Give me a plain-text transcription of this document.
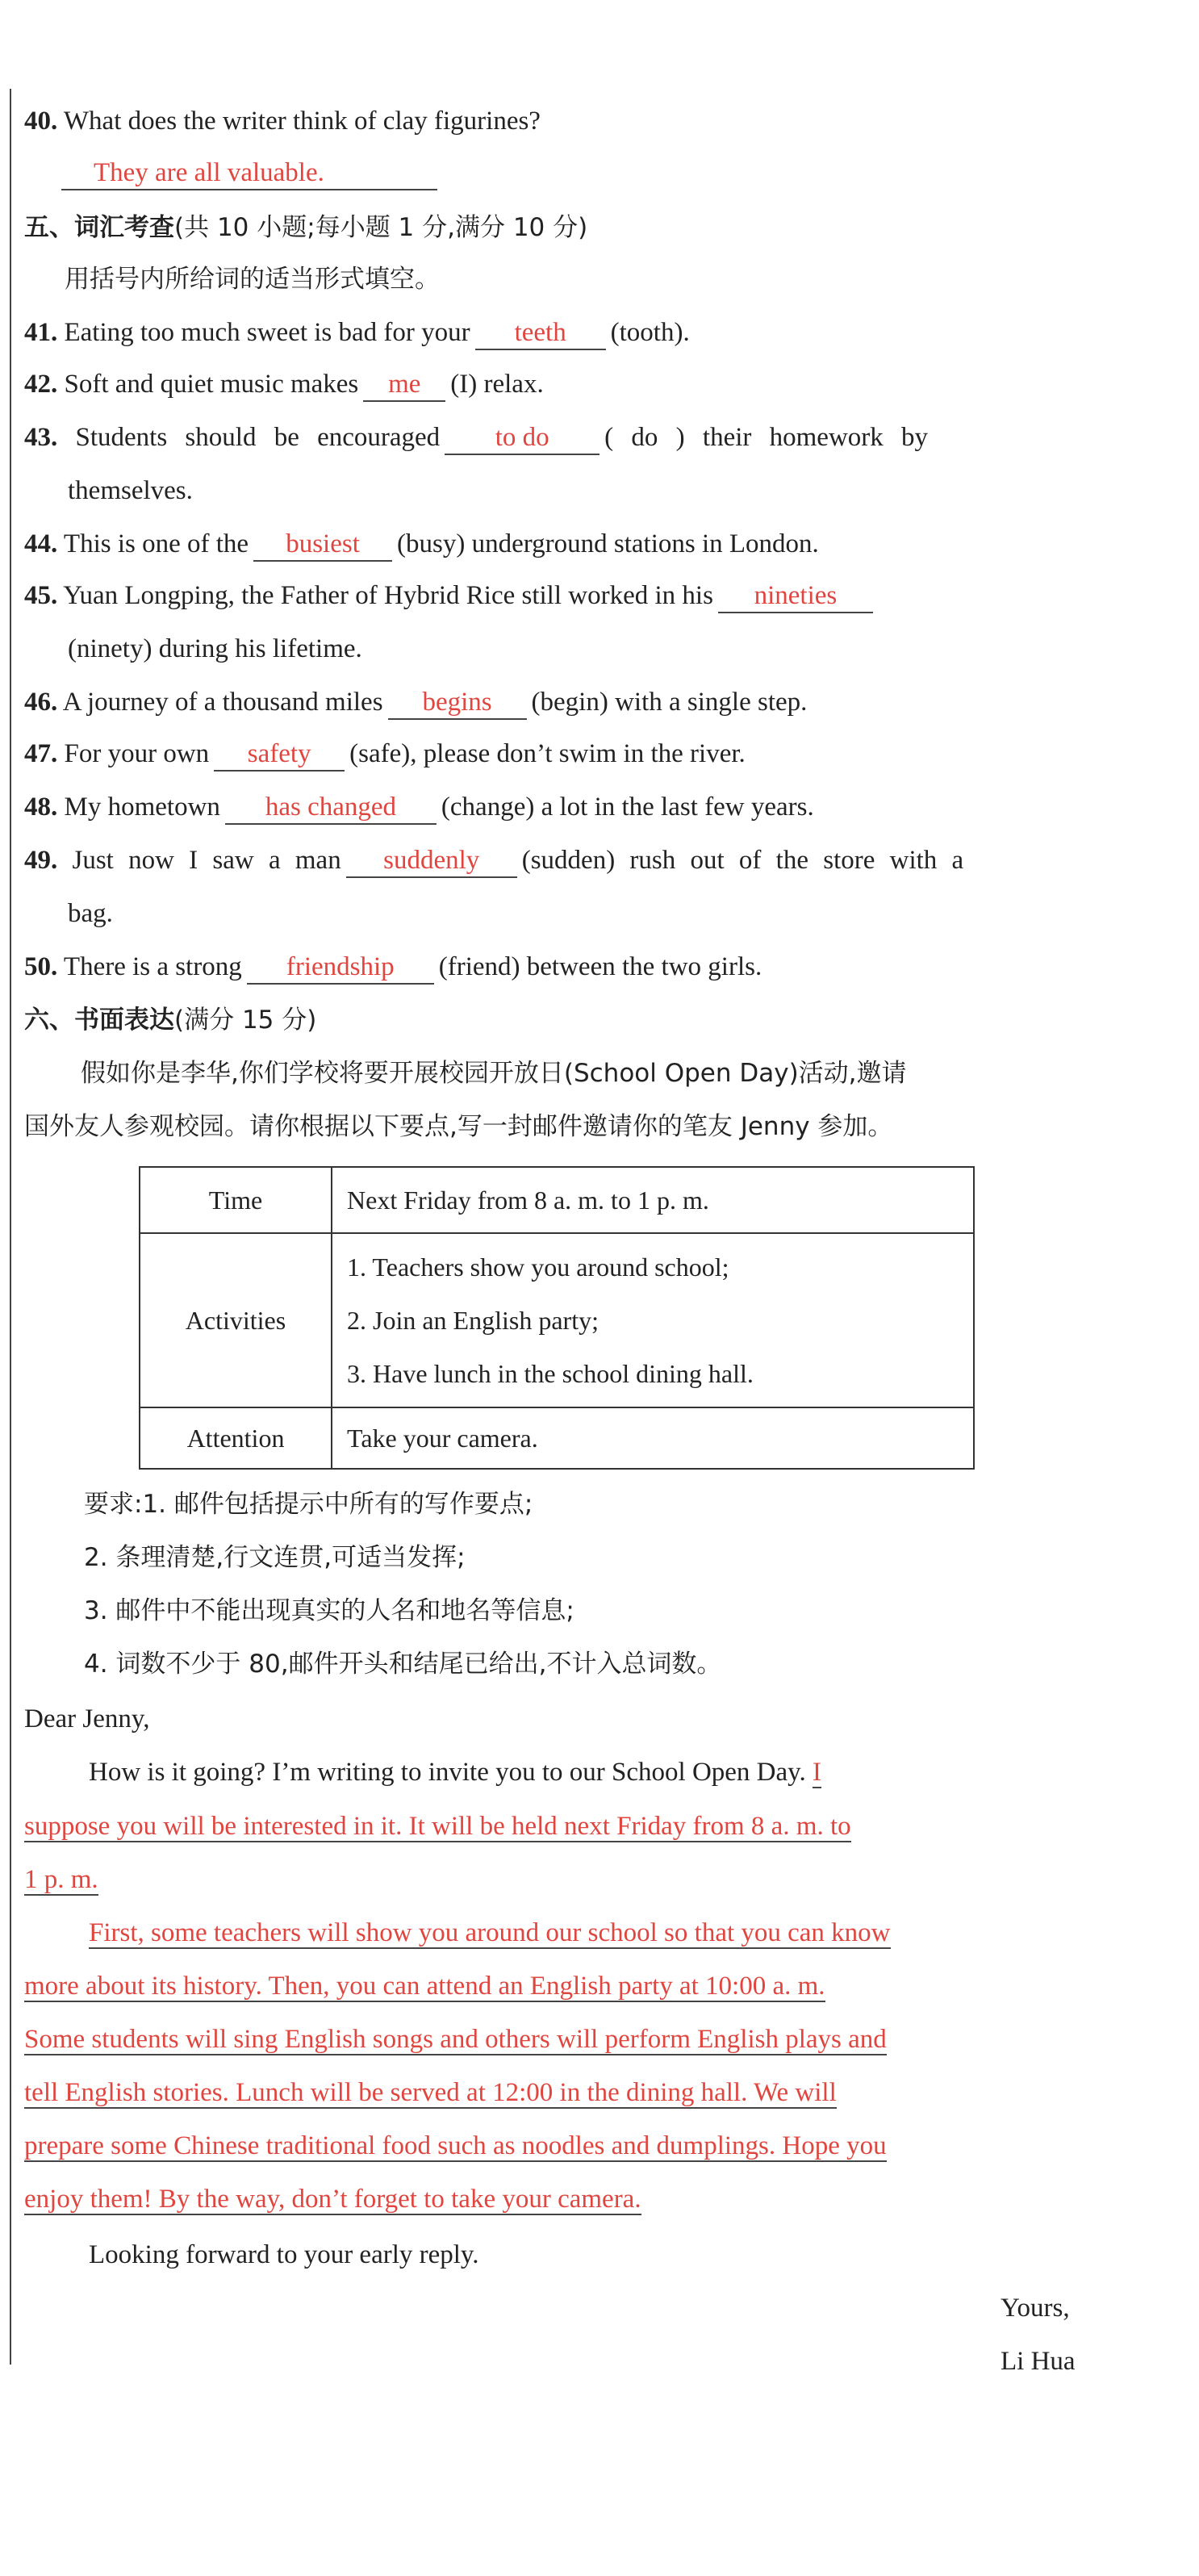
40. What does the writer think of clay figurines?
They are all valuable.
五、词汇考查(共 10 小题;每小题 1 分,满分 10 分)
用括号内所给词的适当形式填空。
41. Eating too much sweet is bad for your teeth (tooth).
42. Soft and quiet music makes me (I) relax.
43. Students should be encouraged to do ( do ) their homework by
themselves.
44. This is one of the busiest (busy) underground stations in London.
45. Yuan Longping, the Father of Hybrid Rice still worked in his nineties
(ninety) during his lifetime.
46. A journey of a thousand miles begins (begin) with a single step.
47. For your own safety (safe), please don’t swim in the river.
48. My hometown has changed (change) a lot in the last few years.
49. Just now I saw a man suddenly (sudden) rush out of the store with a
bag.
50. There is a strong friendship (friend) between the two girls.
六、书面表达(满分 15 分)
假如你是李华,你们学校将要开展校园开放日(School Open Day)活动,邀请
国外友人参观校园。请你根据以下要点,写一封邮件邀请你的笔友 Jenny 参加。
Time	Next Friday from 8 a. m. to 1 p. m.
Activities	1. Teachers show you around school;
2. Join an English party;
3. Have lunch in the school dining hall.

Attention	Take your camera.
要求:1. 邮件包括提示中所有的写作要点;
2. 条理清楚,行文连贯,可适当发挥;
3. 邮件中不能出现真实的人名和地名等信息;
4. 词数不少于 80,邮件开头和结尾已给出,不计入总词数。
Dear Jenny,
How is it going? I’m writing to invite you to our School Open Day. I
suppose you will be interested in it. It will be held next Friday from 8 a. m. to
1 p. m.
First, some teachers will show you around our school so that you can know
more about its history. Then, you can attend an English party at 10:00 a. m.
Some students will sing English songs and others will perform English plays and
tell English stories. Lunch will be served at 12:00 in the dining hall. We will
prepare some Chinese traditional food such as noodles and dumplings. Hope you
enjoy them! By the way, don’t forget to take your camera.
Looking forward to your early reply.
Yours,
Li Hua
